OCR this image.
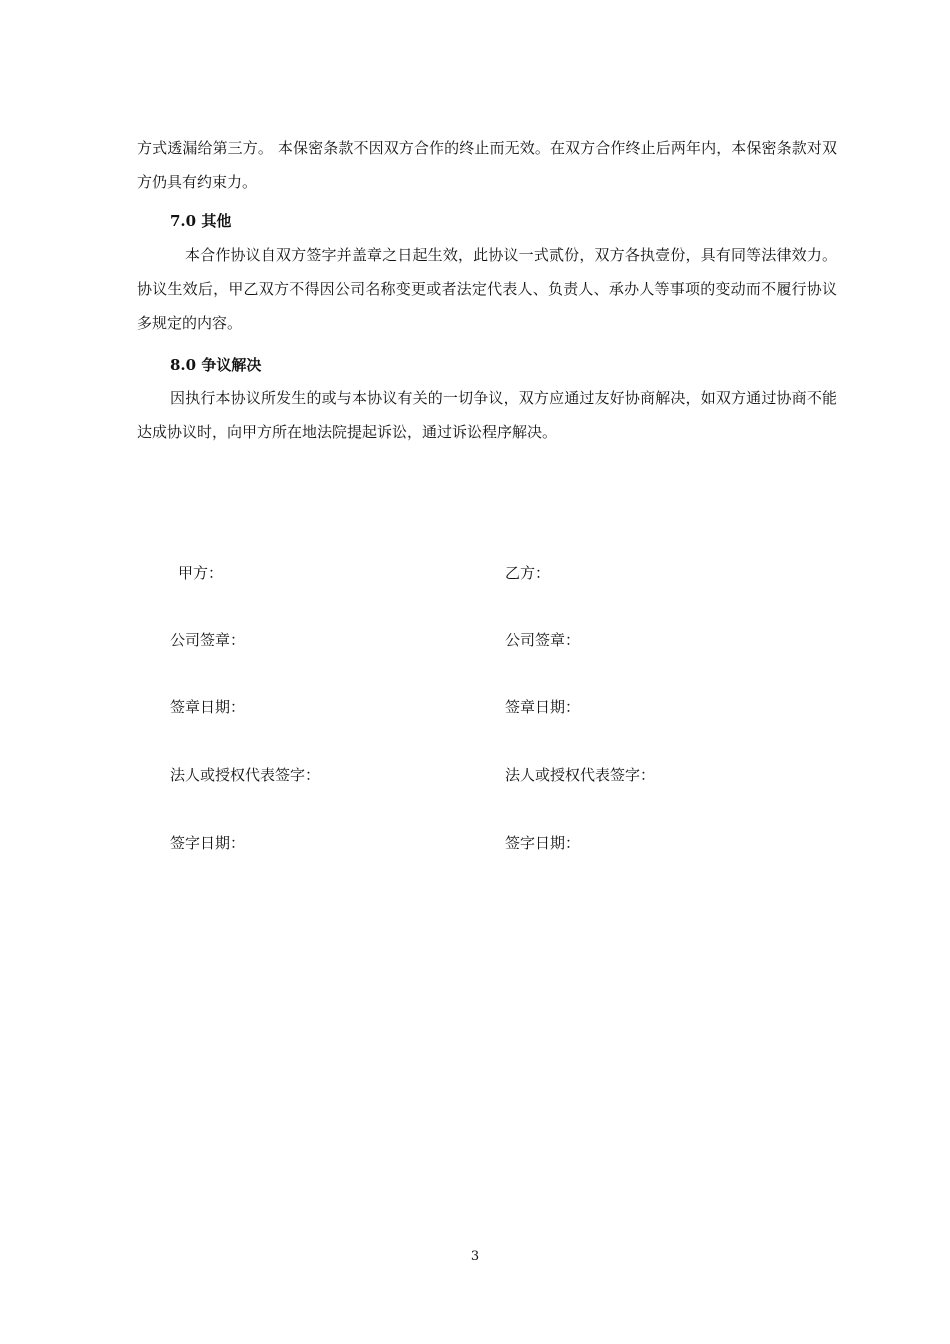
方式透漏给第三方。 本保密条款不因双方合作的终止而无效。在双方合作终止后两年内，本保密条款对双方仍具有约束力。

7.0 其他

本合作协议自双方签字并盖章之日起生效，此协议一式贰份，双方各执壹份，具有同等法律效力。协议生效后，甲乙双方不得因公司名称变更或者法定代表人、负责人、承办人等事项的变动而不履行协议多规定的内容。

8.0 争议解决

因执行本协议所发生的或与本协议有关的一切争议，双方应通过友好协商解决，如双方通过协商不能达成协议时，向甲方所在地法院提起诉讼，通过诉讼程序解决。

甲方：

公司签章：

签章日期：

法人或授权代表签字：

签字日期：

乙方：

公司签章：

签章日期：

法人或授权代表签字：

签字日期：

3
